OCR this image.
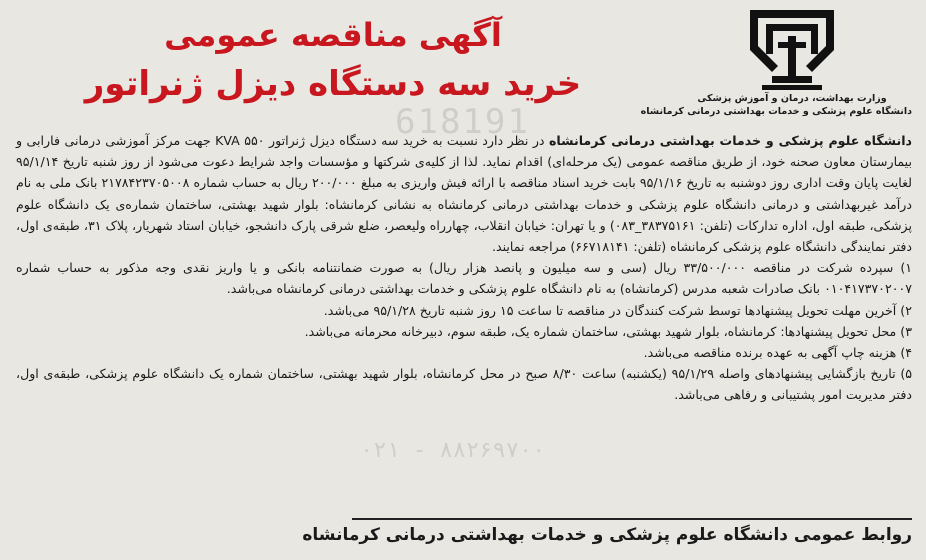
وزارت بهداشت، درمان و آموزش پزشکی
دانشگاه علوم پزشکی و خدمات بهداشتی درمانی کرمانشاه
آگهی مناقصه عمومی
خرید سه دستگاه دیزل ژنراتور
618191
۰۲۱ - ۸۸۲۶۹۷۰۰

دانشگاه علوم پزشکی و خدمات بهداشتی درمانی کرمانشاه در نظر دارد نسبت به خرید سه دستگاه دیزل ژنراتور ۵۵۰ KVA جهت مرکز آموزشی درمانی فارابی و بیمارستان معاون صحنه خود، از طریق مناقصه عمومی (یک مرحله‌ای) اقدام نماید. لذا از کلیه‌ی شرکتها و مؤسسات واجد شرایط دعوت می‌شود از روز شنبه تاریخ ۹۵/۱/۱۴ لغایت پایان وقت اداری روز دوشنبه به تاریخ ۹۵/۱/۱۶ بابت خرید اسناد مناقصه با ارائه فیش واریزی به مبلغ ۲۰۰/۰۰۰ ریال به حساب شماره ۲۱۷۸۴۲۳۷۰۵۰۰۸ بانک ملی به نام درآمد غیربهداشتی و درمانی دانشگاه علوم پزشکی و خدمات بهداشتی درمانی کرمانشاه به نشانی کرمانشاه: بلوار شهید بهشتی، ساختمان شماره‌ی یک دانشگاه علوم پزشکی، طبقه اول، اداره تدارکات (تلفن: ۳۸۳۷۵۱۶۱_۰۸۳) و یا تهران: خیابان انقلاب، چهارراه ولیعصر، ضلع شرقی پارک دانشجو، خیابان استاد شهریار، پلاک ۳۱، طبقه‌ی اول، دفتر نمایندگی دانشگاه علوم پزشکی کرمانشاه (تلفن: ۶۶۷۱۸۱۴۱) مراجعه نمایند.

۱) سپرده شرکت در مناقصه ۳۳/۵۰۰/۰۰۰ ریال (سی و سه میلیون و پانصد هزار ریال) به صورت ضمانتنامه بانکی و یا واریز نقدی وجه مذکور به حساب شماره ۰۱۰۴۱۷۳۷۰۲۰۰۷ بانک صادرات شعبه مدرس (کرمانشاه) به نام دانشگاه علوم پزشکی و خدمات بهداشتی درمانی کرمانشاه می‌باشد.

۲) آخرین مهلت تحویل پیشنهادها توسط شرکت کنندگان در مناقصه تا ساعت ۱۵ روز شنبه تاریخ ۹۵/۱/۲۸ می‌باشد.

۳) محل تحویل پیشنهادها: کرمانشاه، بلوار شهید بهشتی، ساختمان شماره یک، طبقه سوم، دبیرخانه محرمانه می‌باشد.

۴) هزینه چاپ آگهی به عهده برنده مناقصه می‌باشد.

۵) تاریخ بازگشایی پیشنهادهای واصله ۹۵/۱/۲۹ (یکشنبه) ساعت ۸/۳۰ صبح در محل کرمانشاه، بلوار شهید بهشتی، ساختمان شماره یک دانشگاه علوم پزشکی، طبقه‌ی اول، دفتر مدیریت امور پشتیبانی و رفاهی می‌باشد.

روابط عمومی دانشگاه علوم پزشکی و خدمات بهداشتی درمانی کرمانشاه
